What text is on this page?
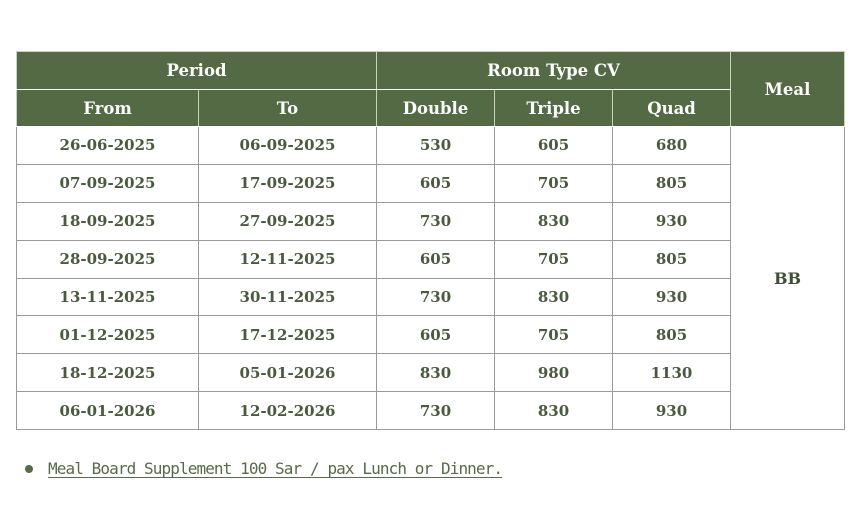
Period		Room Type CV			Meal
From	To	Double	Triple	Quad	
26-06-2025	06-09-2025	530	605	680	BB
07-09-2025	17-09-2025	605	705	805	
18-09-2025	27-09-2025	730	830	930	
28-09-2025	12-11-2025	605	705	805	
13-11-2025	30-11-2025	730	830	930	
01-12-2025	17-12-2025	605	705	805	
18-12-2025	05-01-2026	830	980	1130	
06-01-2026	12-02-2026	730	830	930	
Meal Board Supplement 100 Sar / pax Lunch or Dinner.
